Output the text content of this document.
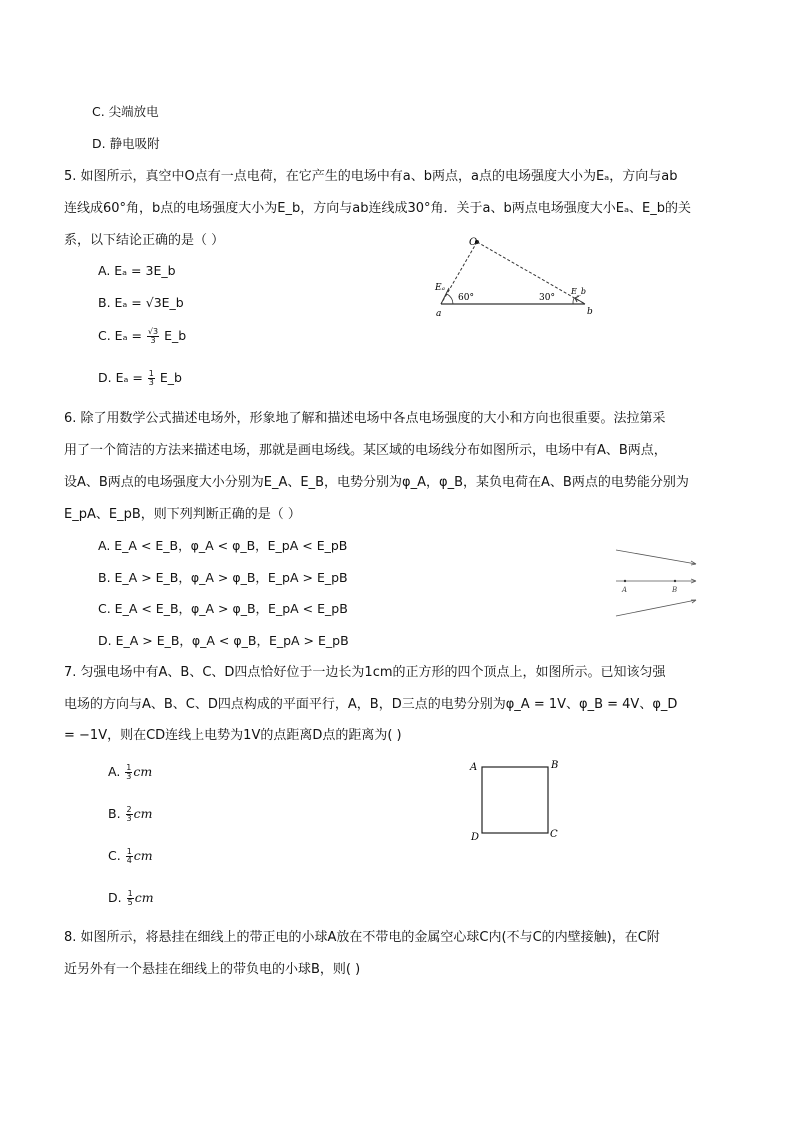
C. 尖端放电
D. 静电吸附
5. 如图所示，真空中O点有一点电荷，在它产生的电场中有a、b两点，a点的电场强度大小为Eₐ，方向与ab
连线成60°角，b点的电场强度大小为E_b，方向与ab连线成30°角．关于a、b两点电场强度大小Eₐ、E_b的关
系，以下结论正确的是（ ）
A. Eₐ = 3E_b
B. Eₐ = √3E_b
C. $E_a = \frac{√3}{3}$ E_b
D. $E_a = \frac{1}{3}$ E_b
O
a	b
Eₐ	E_b
60°	30°
6. 除了用数学公式描述电场外，形象地了解和描述电场中各点电场强度的大小和方向也很重要。法拉第采
用了一个简洁的方法来描述电场，那就是画电场线。某区域的电场线分布如图所示，电场中有A、B两点，
设A、B两点的电场强度大小分别为E_A、E_B，电势分别为φ_A，φ_B，某负电荷在A、B两点的电势能分别为
E_pA、E_pB，则下列判断正确的是（ ）
A. E_A < E_B，φ_A < φ_B，E_pA < E_pB
B. E_A > E_B，φ_A > φ_B，E_pA > E_pB
C. E_A < E_B，φ_A > φ_B，E_pA < E_pB
D. E_A > E_B，φ_A < φ_B，E_pA > E_pB
A	B
7. 匀强电场中有A、B、C、D四点恰好位于一边长为1cm的正方形的四个顶点上，如图所示。已知该匀强
电场的方向与A、B、C、D四点构成的平面平行，A，B，D三点的电势分别为φ_A = 1V、φ_B = 4V、φ_D
= −1V，则在CD连线上电势为1V的点距离D点的距离为( )
A. $\frac{1}{3}$ cm
B. $\frac{2}{3}$ cm
C. $\frac{1}{4}$ cm
D. $\frac{1}{5}$ cm
A	B
C
D
8. 如图所示，将悬挂在细线上的带正电的小球A放在不带电的金属空心球C内(不与C的内壁接触)，在C附
近另外有一个悬挂在细线上的带负电的小球B，则( )
